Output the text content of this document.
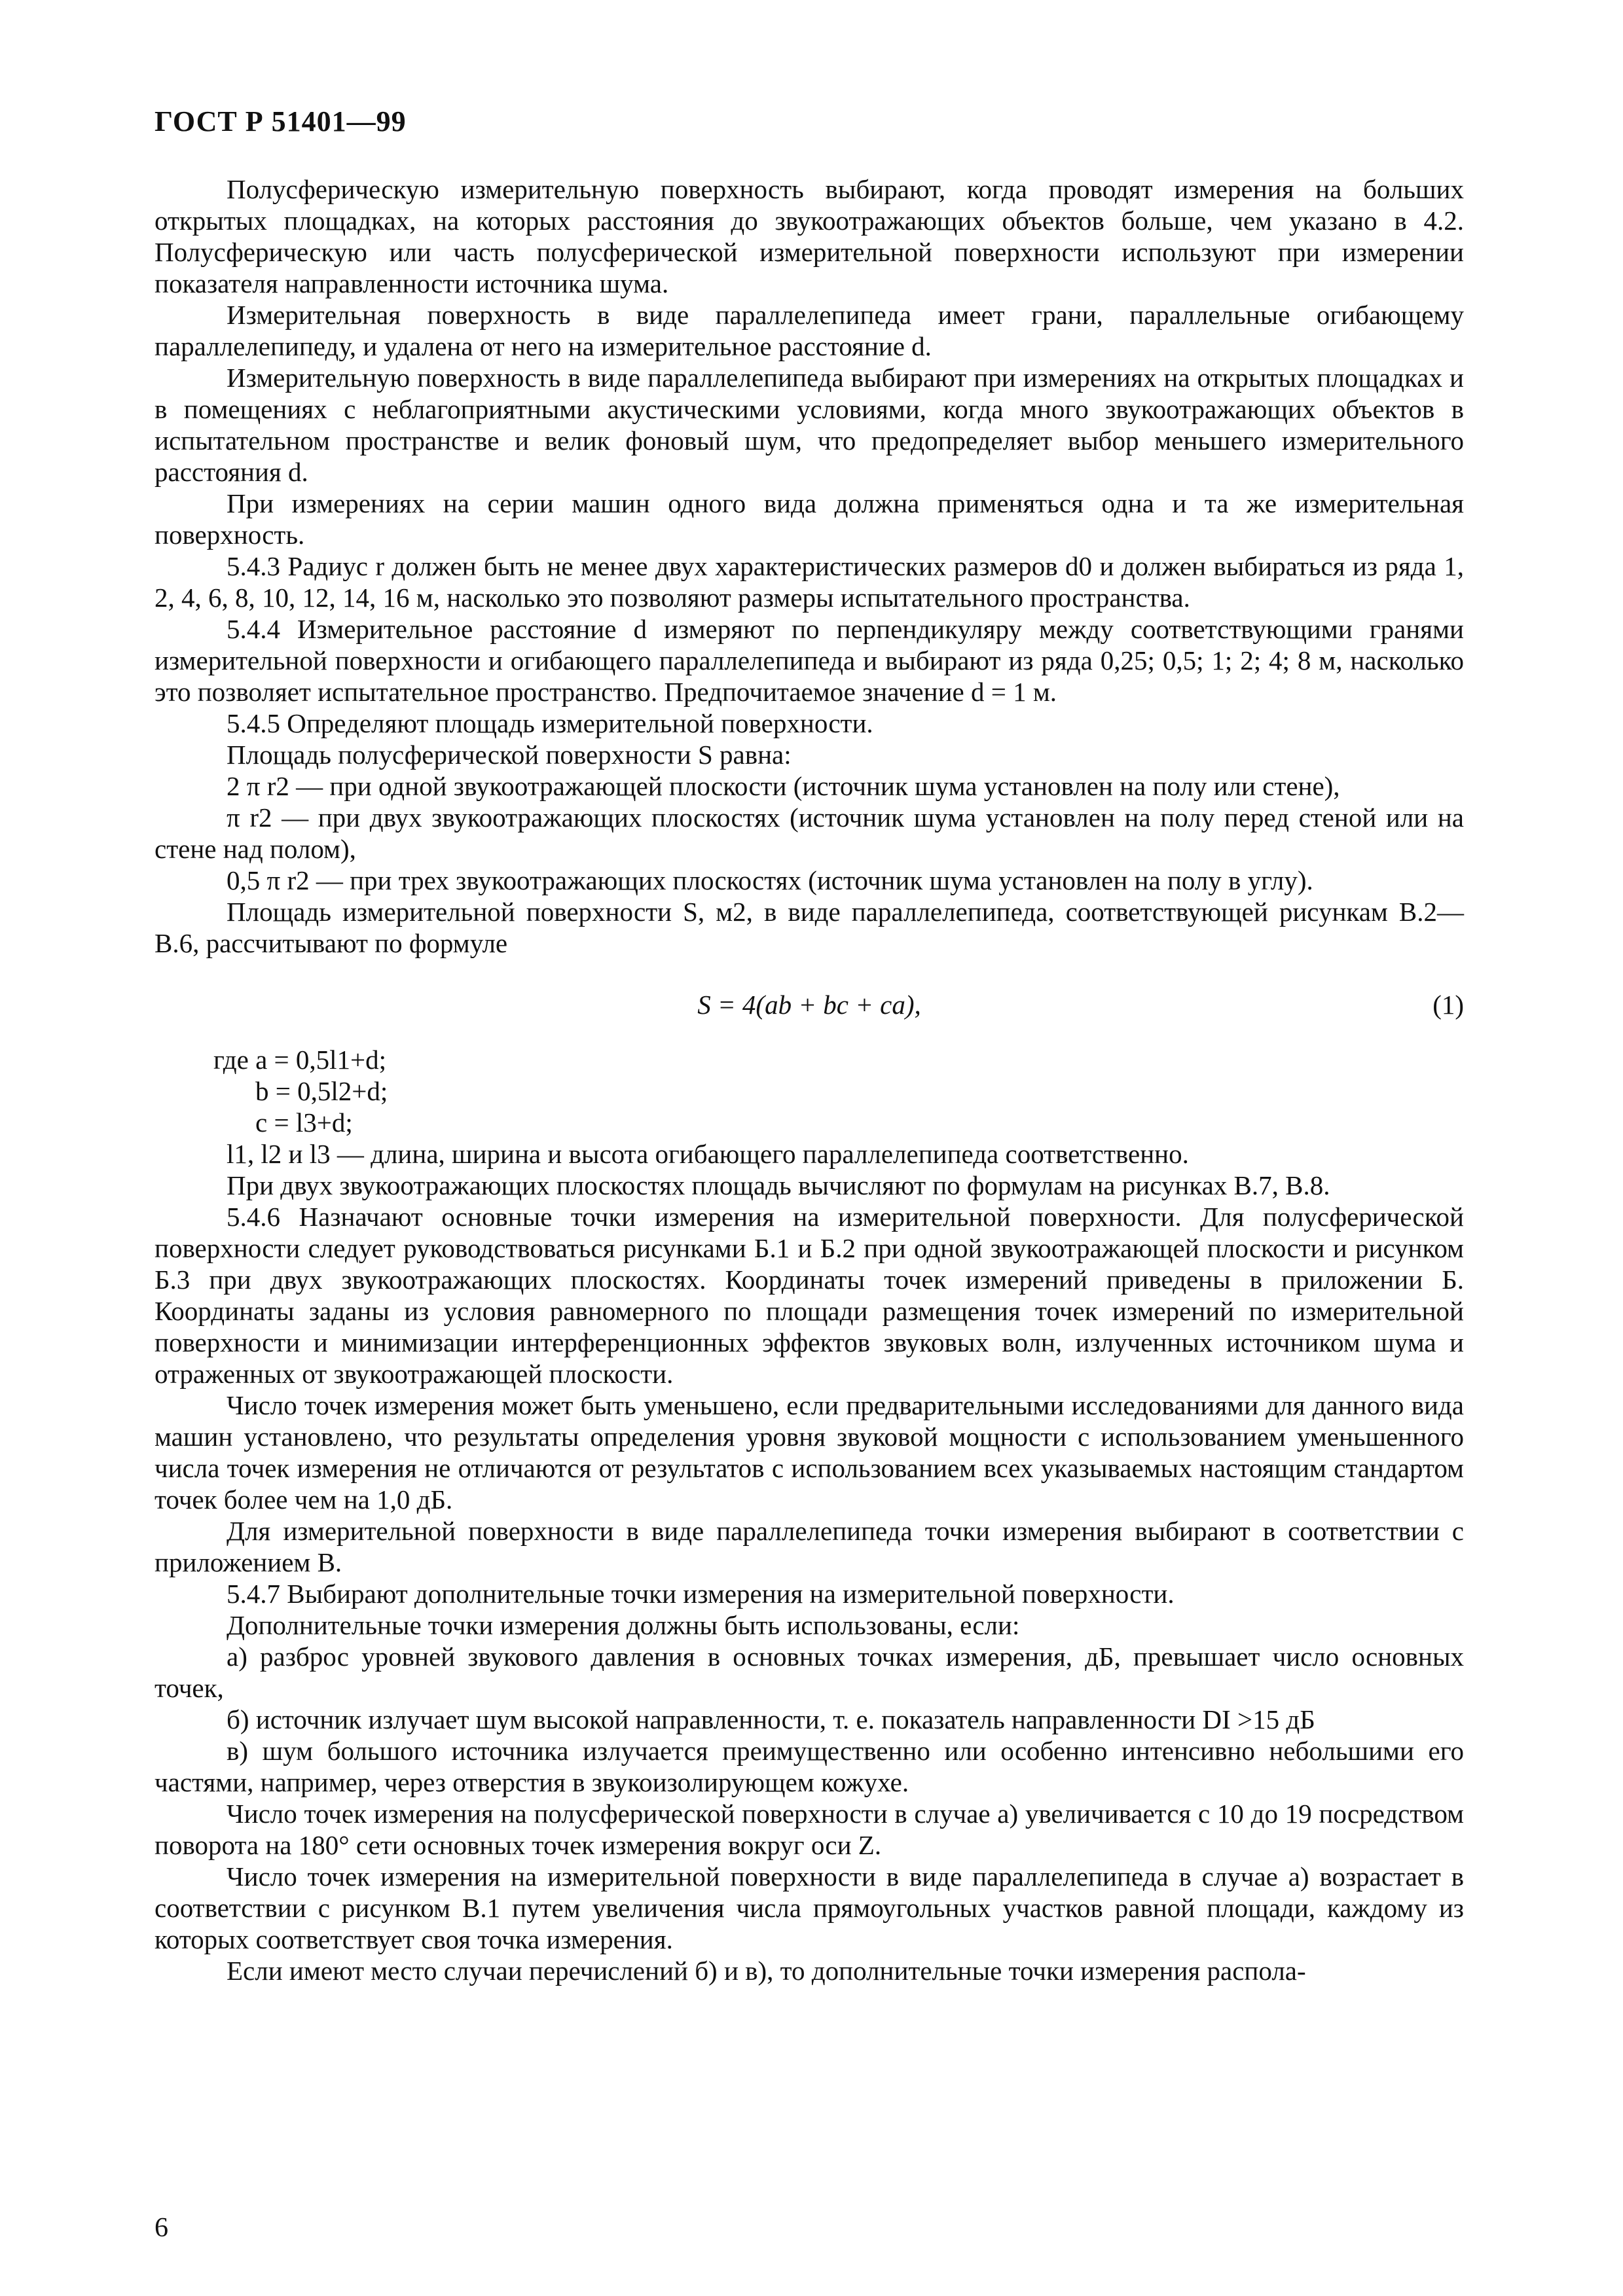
ГОСТ Р 51401—99

Полусферическую измерительную поверхность выбирают, когда проводят измерения на больших открытых площадках, на которых расстояния до звукоотражающих объектов больше, чем указано в 4.2. Полусферическую или часть полусферической измерительной поверхности используют при измерении показателя направленности источника шума.

Измерительная поверхность в виде параллелепипеда имеет грани, параллельные огибающему параллелепипеду, и удалена от него на измерительное расстояние d.

Измерительную поверхность в виде параллелепипеда выбирают при измерениях на открытых площадках и в помещениях с неблагоприятными акустическими условиями, когда много звукоотражающих объектов в испытательном пространстве и велик фоновый шум, что предопределяет выбор меньшего измерительного расстояния d.

При измерениях на серии машин одного вида должна применяться одна и та же измерительная поверхность.

5.4.3 Радиус r должен быть не менее двух характеристических размеров d0 и должен выбираться из ряда 1, 2, 4, 6, 8, 10, 12, 14, 16 м, насколько это позволяют размеры испытательного пространства.

5.4.4 Измерительное расстояние d измеряют по перпендикуляру между соответствующими гранями измерительной поверхности и огибающего параллелепипеда и выбирают из ряда 0,25; 0,5; 1; 2; 4; 8 м, насколько это позволяет испытательное пространство. Предпочитаемое значение d = 1 м.

5.4.5 Определяют площадь измерительной поверхности.

Площадь полусферической поверхности S равна:

2 π r2 — при одной звукоотражающей плоскости (источник шума установлен на полу или стене),

π r2 — при двух звукоотражающих плоскостях (источник шума установлен на полу перед стеной или на стене над полом),

0,5 π r2 — при трех звукоотражающих плоскостях (источник шума установлен на полу в углу).

Площадь измерительной поверхности S, м2, в виде параллелепипеда, соответствующей рисункам В.2—В.6, рассчитывают по формуле

S = 4(ab + bc + ca),	(1)
где a = 0,5l1+d;
b = 0,5l2+d;
c = l3+d;

l1, l2 и l3 — длина, ширина и высота огибающего параллелепипеда соответственно.

При двух звукоотражающих плоскостях площадь вычисляют по формулам на рисунках В.7, В.8.

5.4.6 Назначают основные точки измерения на измерительной поверхности. Для полусферической поверхности следует руководствоваться рисунками Б.1 и Б.2 при одной звукоотражающей плоскости и рисунком Б.3 при двух звукоотражающих плоскостях. Координаты точек измерений приведены в приложении Б. Координаты заданы из условия равномерного по площади размещения точек измерений по измерительной поверхности и минимизации интерференционных эффектов звуковых волн, излученных источником шума и отраженных от звукоотражающей плоскости.

Число точек измерения может быть уменьшено, если предварительными исследованиями для данного вида машин установлено, что результаты определения уровня звуковой мощности с использованием уменьшенного числа точек измерения не отличаются от результатов с использованием всех указываемых настоящим стандартом точек более чем на 1,0 дБ.

Для измерительной поверхности в виде параллелепипеда точки измерения выбирают в соответствии с приложением В.

5.4.7 Выбирают дополнительные точки измерения на измерительной поверхности.

Дополнительные точки измерения должны быть использованы, если:

а) разброс уровней звукового давления в основных точках измерения, дБ, превышает число основных точек,

б) источник излучает шум высокой направленности, т. е. показатель направленности DI >15 дБ

в) шум большого источника излучается преимущественно или особенно интенсивно небольшими его частями, например, через отверстия в звукоизолирующем кожухе.

Число точек измерения на полусферической поверхности в случае а) увеличивается с 10 до 19 посредством поворота на 180° сети основных точек измерения вокруг оси Z.

Число точек измерения на измерительной поверхности в виде параллелепипеда в случае а) возрастает в соответствии с рисунком В.1 путем увеличения числа прямоугольных участков равной площади, каждому из которых соответствует своя точка измерения.

Если имеют место случаи перечислений б) и в), то дополнительные точки измерения распола-

6
